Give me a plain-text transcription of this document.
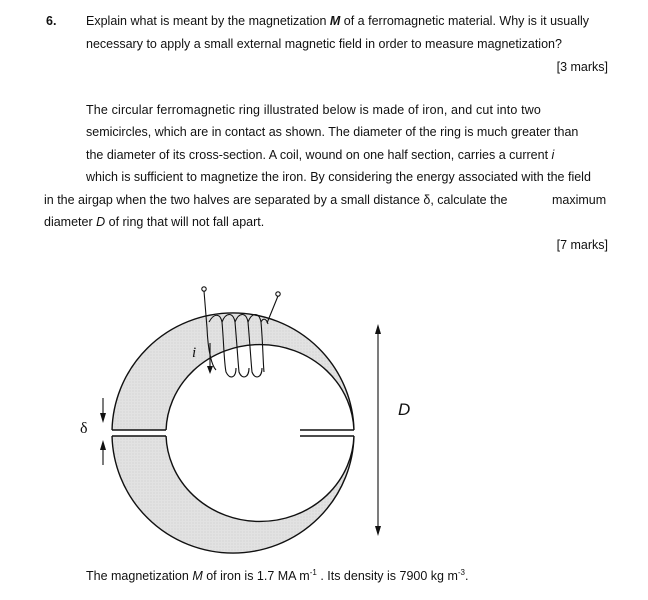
6. Explain what is meant by the magnetization M of a ferromagnetic material. Why is it usually
necessary to apply a small external magnetic field in order to measure magnetization?
[3 marks]
The circular ferromagnetic ring illustrated below is made of iron, and cut into two
semicircles, which are in contact as shown. The diameter of the ring is much greater than
the diameter of its cross-section. A coil, wound on one half section, carries a current i
which is sufficient to magnetize the iron. By considering the energy associated with the field
in the airgap when the two halves are separated by a small distance δ, calculate the	maximum
diameter D of ring that will not fall apart.
[7 marks]
i
δ
D
The magnetization M of iron is 1.7 MA $m^{-1}$ . Its density is 7900 kg $m^{-3}$.
